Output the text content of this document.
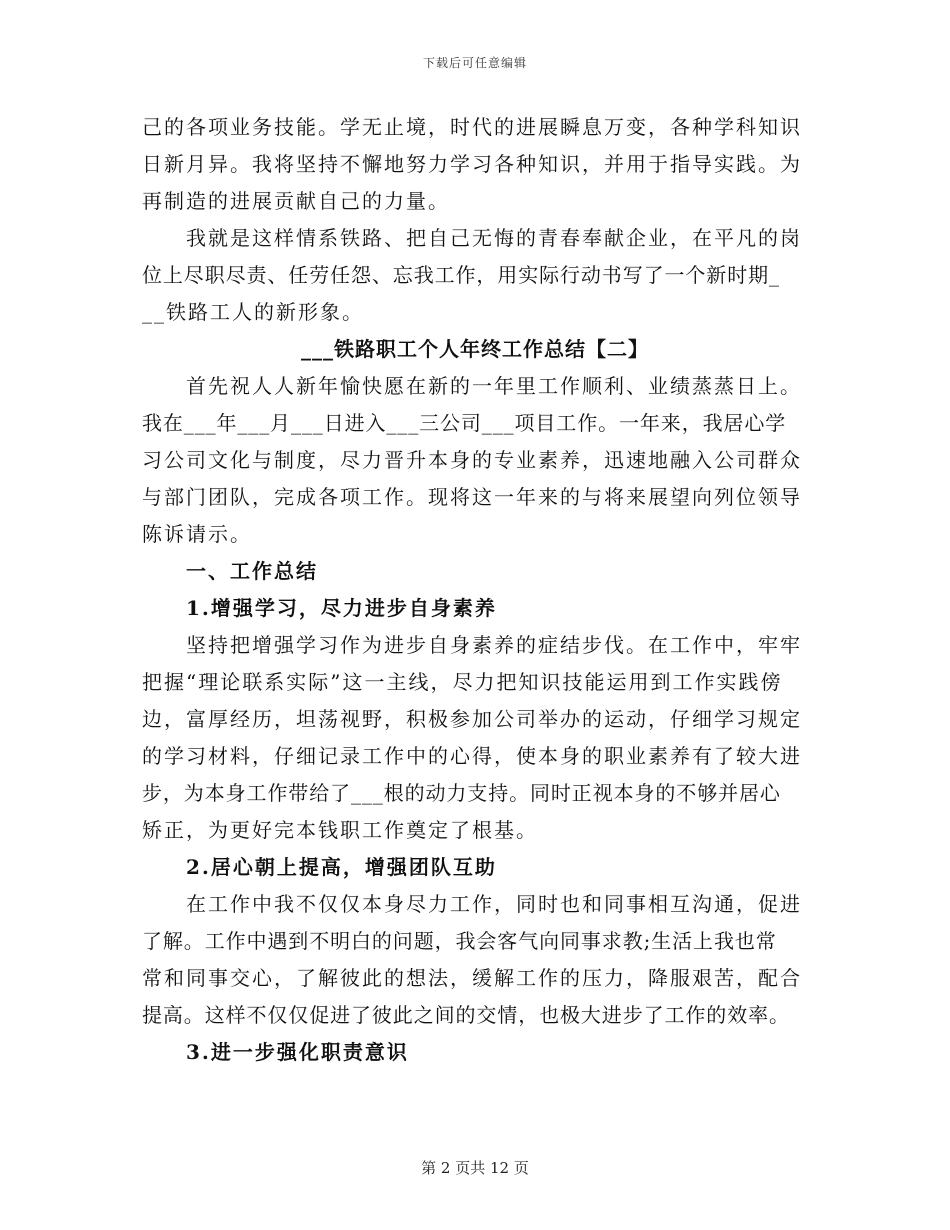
下载后可任意编辑
己的各项业务技能。学无止境，时代的进展瞬息万变，各种学科知识
日新月异。我将坚持不懈地努力学习各种知识，并用于指导实践。为
再制造的进展贡献自己的力量。
我就是这样情系铁路、把自己无悔的青春奉献企业，在平凡的岗
位上尽职尽责、任劳任怨、忘我工作，用实际行动书写了一个新时期_
__铁路工人的新形象。
___铁路职工个人年终工作总结【二】
首先祝人人新年愉快愿在新的一年里工作顺利、业绩蒸蒸日上。
我在___年___月___日进入___三公司___项目工作。一年来，我居心学
习公司文化与制度，尽力晋升本身的专业素养，迅速地融入公司群众
与部门团队，完成各项工作。现将这一年来的与将来展望向列位领导
陈诉请示。
一、工作总结
1.增强学习，尽力进步自身素养
坚持把增强学习作为进步自身素养的症结步伐。在工作中，牢牢
把握“理论联系实际”这一主线，尽力把知识技能运用到工作实践傍
边，富厚经历，坦荡视野，积极参加公司举办的运动，仔细学习规定
的学习材料，仔细记录工作中的心得，使本身的职业素养有了较大进
步，为本身工作带给了___根的动力支持。同时正视本身的不够并居心
矫正，为更好完本钱职工作奠定了根基。
2.居心朝上提高，增强团队互助
在工作中我不仅仅本身尽力工作，同时也和同事相互沟通，促进
了解。工作中遇到不明白的问题，我会客气向同事求教;生活上我也常
常和同事交心，了解彼此的想法，缓解工作的压力，降服艰苦，配合
提高。这样不仅仅促进了彼此之间的交情，也极大进步了工作的效率。
3.进一步强化职责意识
第 2 页共 12 页
